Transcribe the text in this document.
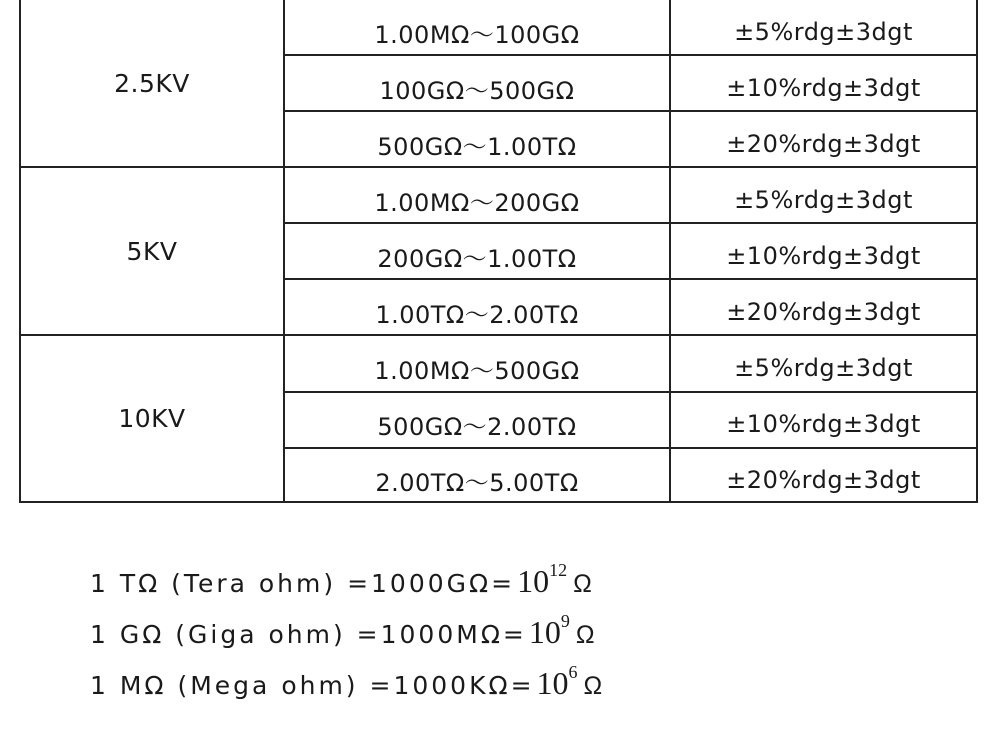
2.5KV
1.00MΩ～100GΩ	±5%rdg±3dgt
100GΩ～500GΩ	±10%rdg±3dgt
500GΩ～1.00TΩ	±20%rdg±3dgt
5KV
1.00MΩ～200GΩ	±5%rdg±3dgt
200GΩ～1.00TΩ	±10%rdg±3dgt
1.00TΩ～2.00TΩ	±20%rdg±3dgt
10KV
1.00MΩ～500GΩ	±5%rdg±3dgt
500GΩ～2.00TΩ	±10%rdg±3dgt
2.00TΩ～5.00TΩ	±20%rdg±3dgt
1 TΩ (Tera $ohm) =1000G\Omega= 10^{12}$ Ω
1 GΩ (Giga $ohm) =1000M\Omega= 10^9$ Ω
1 MΩ (Mega $ohm) =1000K\Omega= 10^6$ Ω
